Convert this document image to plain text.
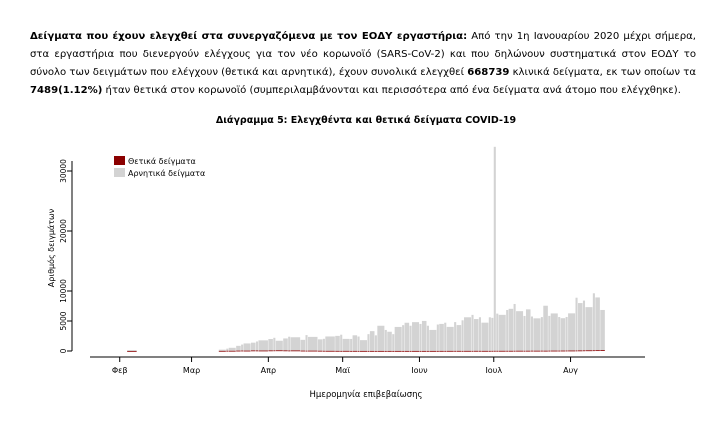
Δείγματα που έχουν ελεγχθεί στα συνεργαζόμενα με τον ΕΟΔΥ εργαστήρια: Από την 1η Ιανουαρίου 2020 μέχρι σήμερα, στα εργαστήρια που διενεργούν ελέγχους για τον νέο κορωνοϊό (SARS-CoV-2) και που δηλώνουν συστηματικά στον ΕΟΔΥ το σύνολο των δειγμάτων που ελέγχουν (θετικά και αρνητικά), έχουν συνολικά ελεγχθεί 668739 κλινικά δείγματα, εκ των οποίων τα 7489(1.12%) ήταν θετικά στον κορωνοϊό (συμπεριλαμβάνονται και περισσότερα από ένα δείγματα ανά άτομο που ελέγχθηκε).
Διάγραμμα 5: Ελεγχθέντα και θετικά δείγματα COVID-19
0
5000
10000
20000
30000
Φεβ	Μαρ	Απρ	Μαϊ	Ιουν	Ιουλ	Αυγ
Αριθμός δειγμάτων
Ημερομηνία επιβεβαίωσης
Θετικά δείγματα
Αρνητικά δείγματα
